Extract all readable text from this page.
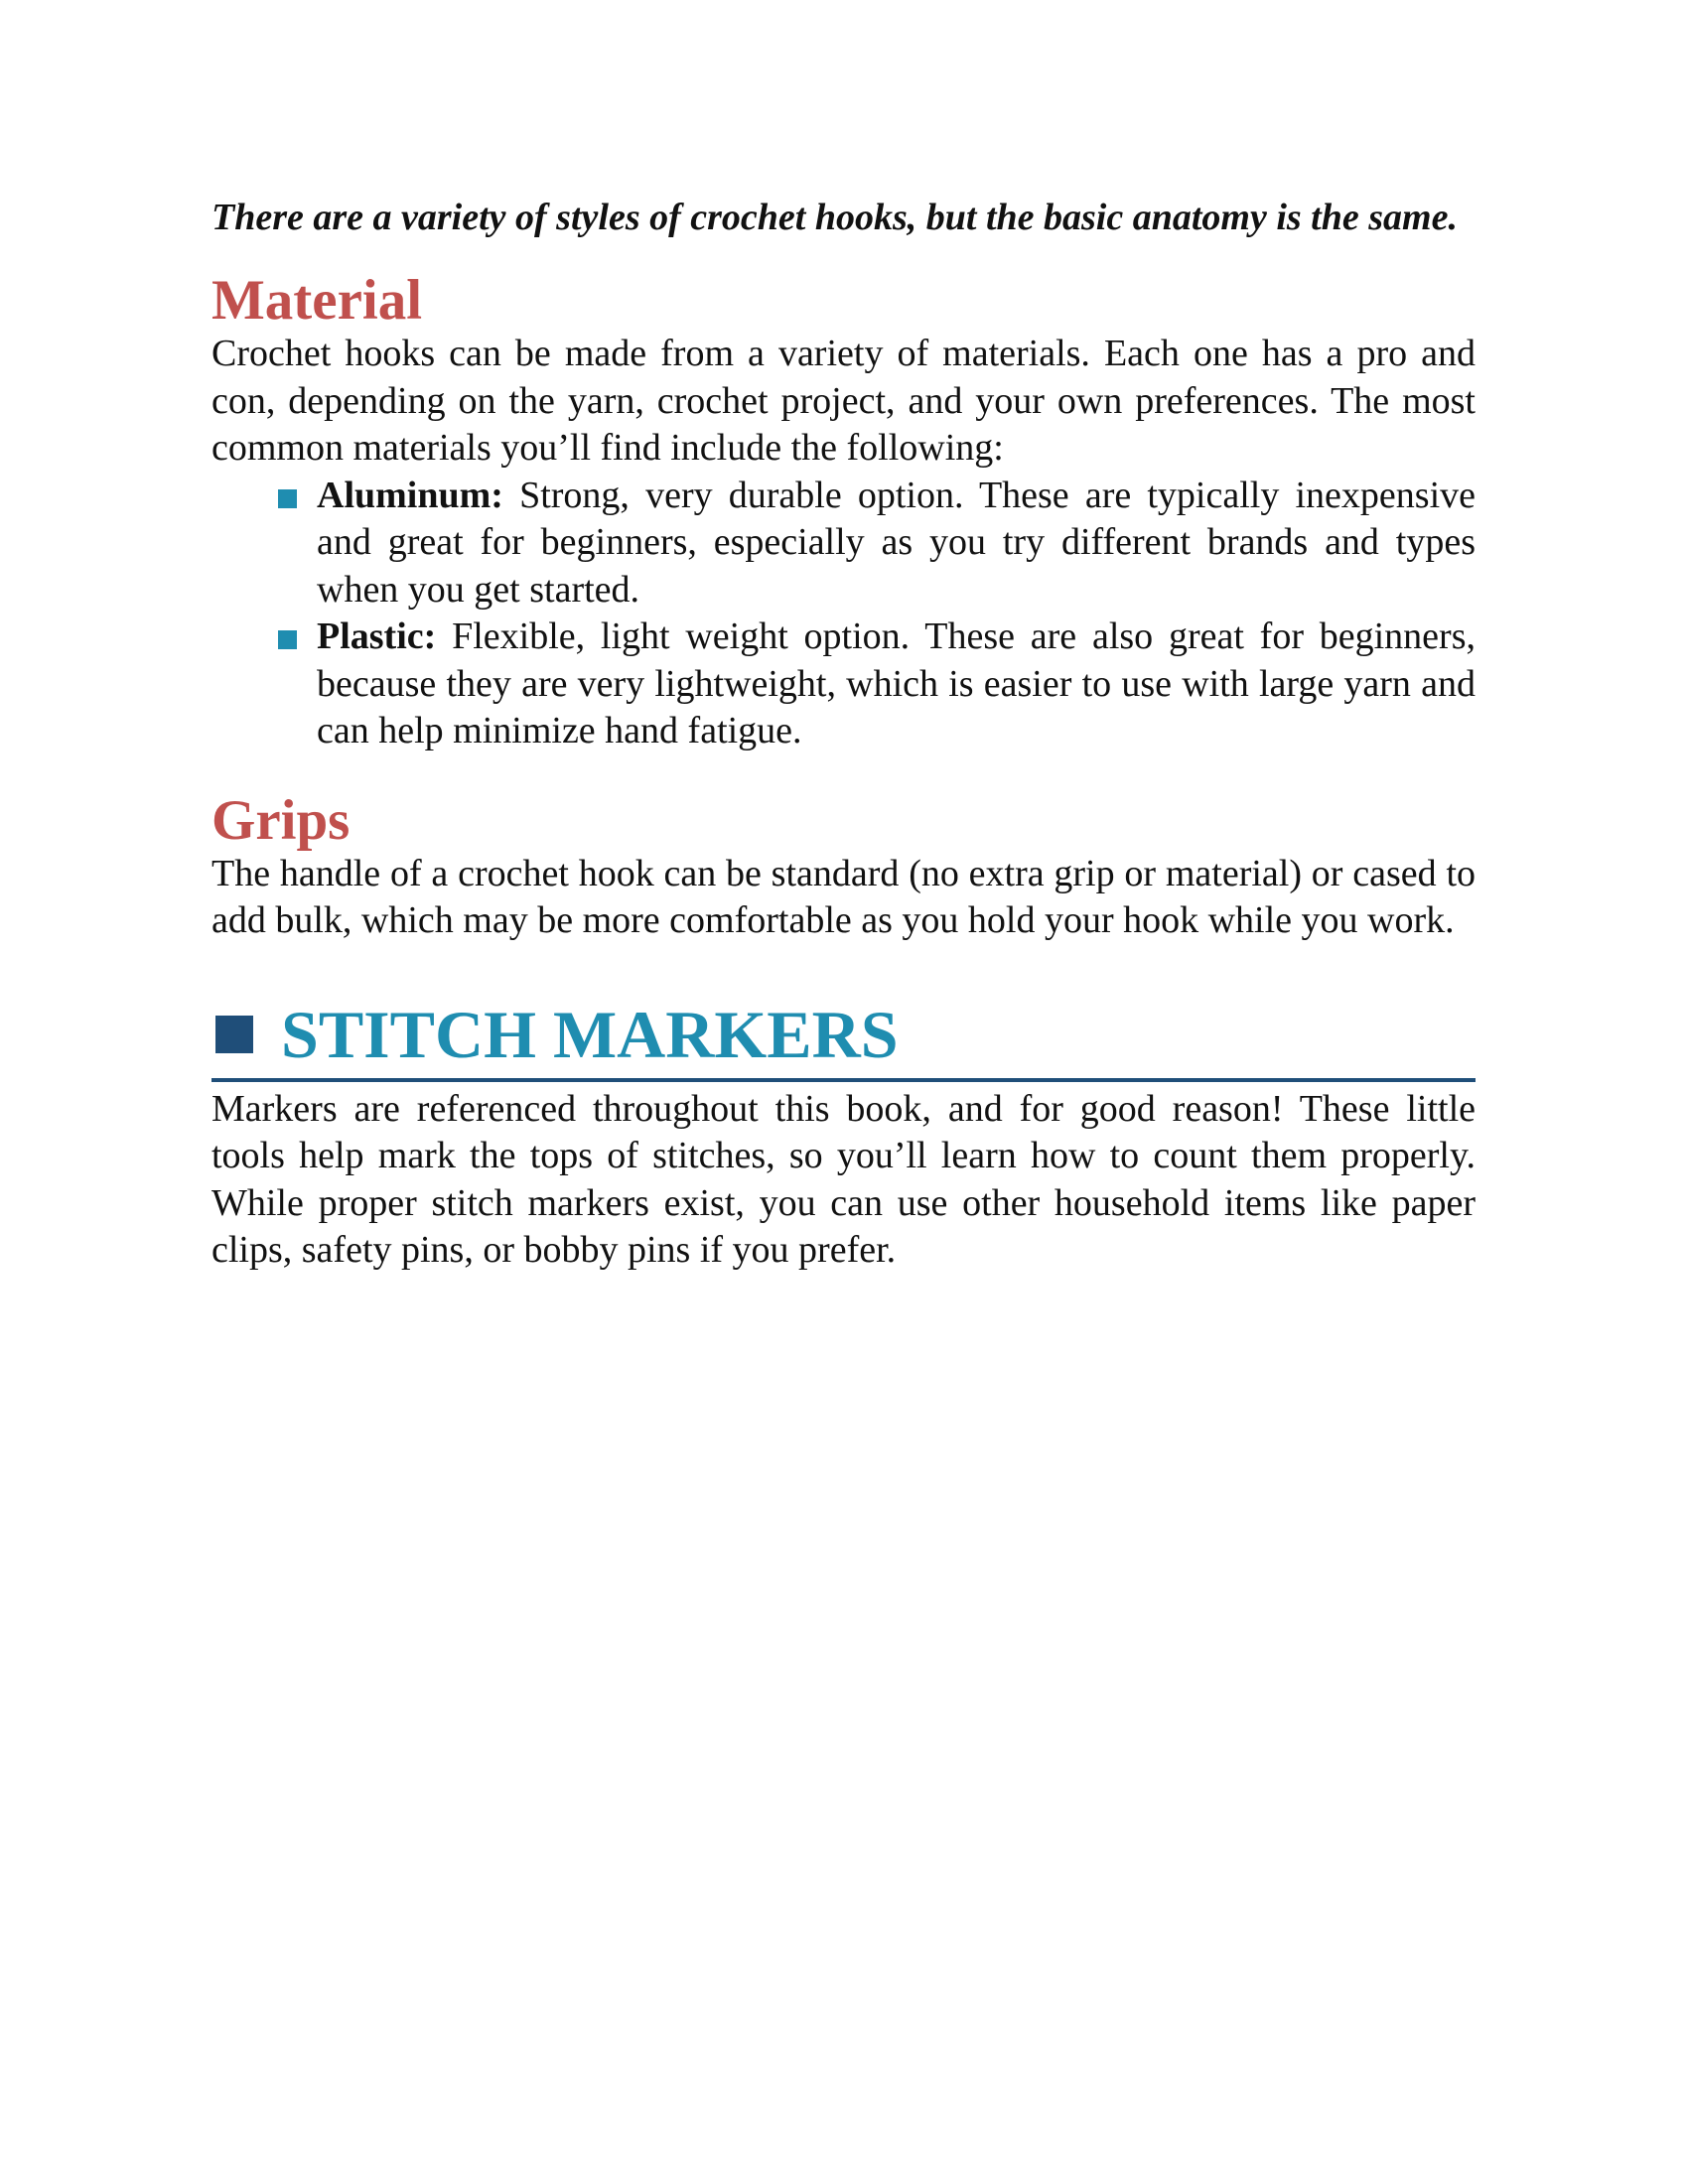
There are a variety of styles of crochet hooks, but the basic anatomy is the same.

Material

Crochet hooks can be made from a variety of materials. Each one has a pro and con, depending on the yarn, crochet project, and your own preferences. The most common materials you’ll find include the following:

Aluminum: Strong, very durable option. These are typically inexpensive and great for beginners, especially as you try different brands and types when you get started.
Plastic: Flexible, light weight option. These are also great for beginners, because they are very lightweight, which is easier to use with large yarn and can help minimize hand fatigue.
Grips

The handle of a crochet hook can be standard (no extra grip or material) or cased to add bulk, which may be more comfortable as you hold your hook while you work.

STITCH MARKERS

Markers are referenced throughout this book, and for good reason! These little tools help mark the tops of stitches, so you’ll learn how to count them properly. While proper stitch markers exist, you can use other household items like paper clips, safety pins, or bobby pins if you prefer.
